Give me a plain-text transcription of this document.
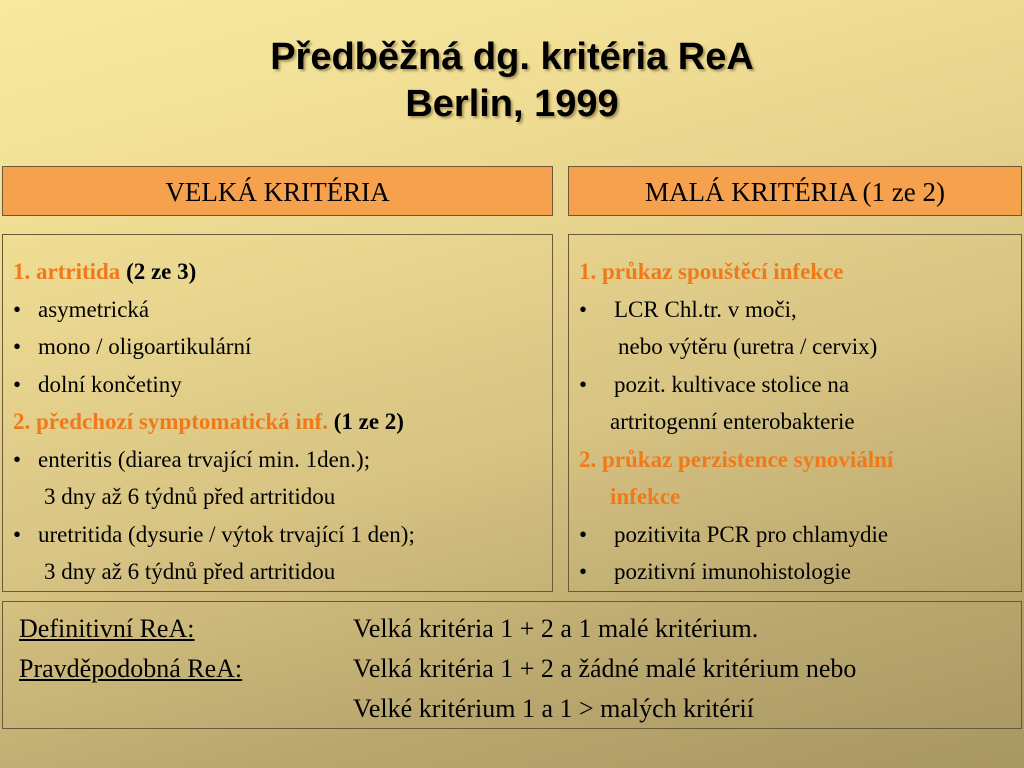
Předběžná dg. kritéria ReA
Berlin, 1999
VELKÁ KRITÉRIA	MALÁ KRITÉRIA (1 ze 2)
1. artritida (2 ze 3)
• asymetrická
• mono / oligoartikulární
• dolní končetiny
2. předchozí symptomatická inf. (1 ze 2)
• enteritis (diarea trvající min. 1den.);
3 dny až 6 týdnů před artritidou
• uretritida (dysurie / výtok trvající 1 den);
3 dny až 6 týdnů před artritidou
1. průkaz spouštěcí infekce
• LCR Chl.tr. v moči,
nebo výtěru (uretra / cervix)
• pozit. kultivace stolice na
artritogenní enterobakterie
2. průkaz perzistence synoviální
infekce
• pozitivita PCR pro chlamydie
• pozitivní imunohistologie
Definitivní ReA:	Velká kritéria 1 + 2 a 1 malé kritérium.
Pravděpodobná ReA:	Velká kritéria 1 + 2 a žádné malé kritérium nebo
Velké kritérium 1 a 1 > malých kritérií
